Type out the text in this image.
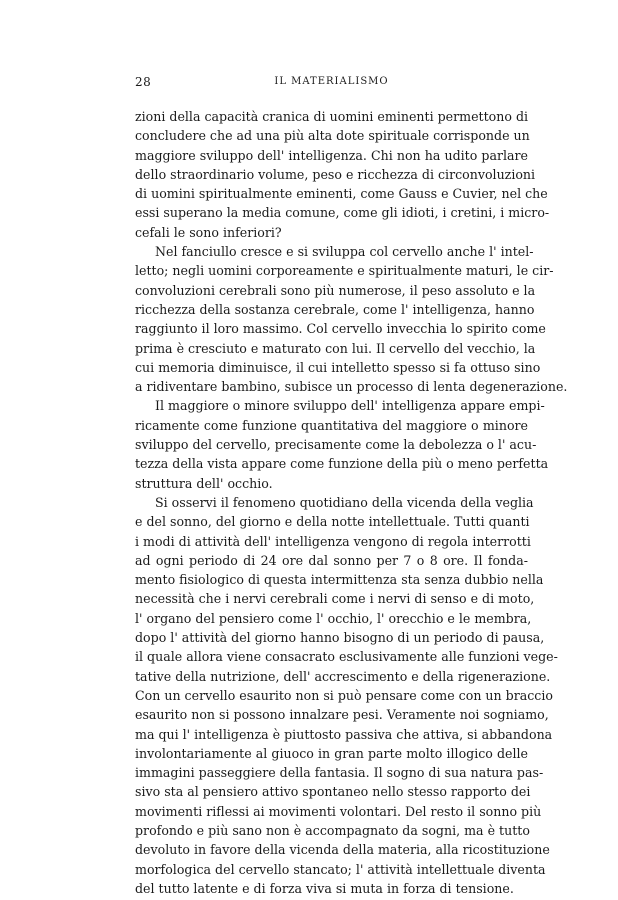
28	IL MATERIALISMO
zioni della capacità cranica di uomini eminenti permettono di
concludere che ad una più alta dote spirituale corrisponde un
maggiore sviluppo dell' intelligenza. Chi non ha udito parlare
dello straordinario volume, peso e ricchezza di circonvoluzioni
di uomini spiritualmente eminenti, come Gauss e Cuvier, nel che
essi superano la media comune, come gli idioti, i cretini, i micro-
cefali le sono inferiori?
Nel fanciullo cresce e si sviluppa col cervello anche l' intel-
letto; negli uomini corporeamente e spiritualmente maturi, le cir-
convoluzioni cerebrali sono più numerose, il peso assoluto e la
ricchezza della sostanza cerebrale, come l' intelligenza, hanno
raggiunto il loro massimo. Col cervello invecchia lo spirito come
prima è cresciuto e maturato con lui. Il cervello del vecchio, la
cui memoria diminuisce, il cui intelletto spesso si fa ottuso sino
a ridiventare bambino, subisce un processo di lenta degenerazione.
Il maggiore o minore sviluppo dell' intelligenza appare empi-
ricamente come funzione quantitativa del maggiore o minore
sviluppo del cervello, precisamente come la debolezza o l' acu-
tezza della vista appare come funzione della più o meno perfetta
struttura dell' occhio.
Si osservi il fenomeno quotidiano della vicenda della veglia
e del sonno, del giorno e della notte intellettuale. Tutti quanti
i modi di attività dell' intelligenza vengono di regola interrotti
ad ogni periodo di 24 ore dal sonno per 7 o 8 ore. Il fonda-
mento fisiologico di questa intermittenza sta senza dubbio nella
necessità che i nervi cerebrali come i nervi di senso e di moto,
l' organo del pensiero come l' occhio, l' orecchio e le membra,
dopo l' attività del giorno hanno bisogno di un periodo di pausa,
il quale allora viene consacrato esclusivamente alle funzioni vege-
tative della nutrizione, dell' accrescimento e della rigenerazione.
Con un cervello esaurito non si può pensare come con un braccio
esaurito non si possono innalzare pesi. Veramente noi sogniamo,
ma qui l' intelligenza è piuttosto passiva che attiva, si abbandona
involontariamente al giuoco in gran parte molto illogico delle
immagini passeggiere della fantasia. Il sogno di sua natura pas-
sivo sta al pensiero attivo spontaneo nello stesso rapporto dei
movimenti riflessi ai movimenti volontari. Del resto il sonno più
profondo e più sano non è accompagnato da sogni, ma è tutto
devoluto in favore della vicenda della materia, alla ricostituzione
morfologica del cervello stancato; l' attività intellettuale diventa
del tutto latente e di forza viva si muta in forza di tensione.
